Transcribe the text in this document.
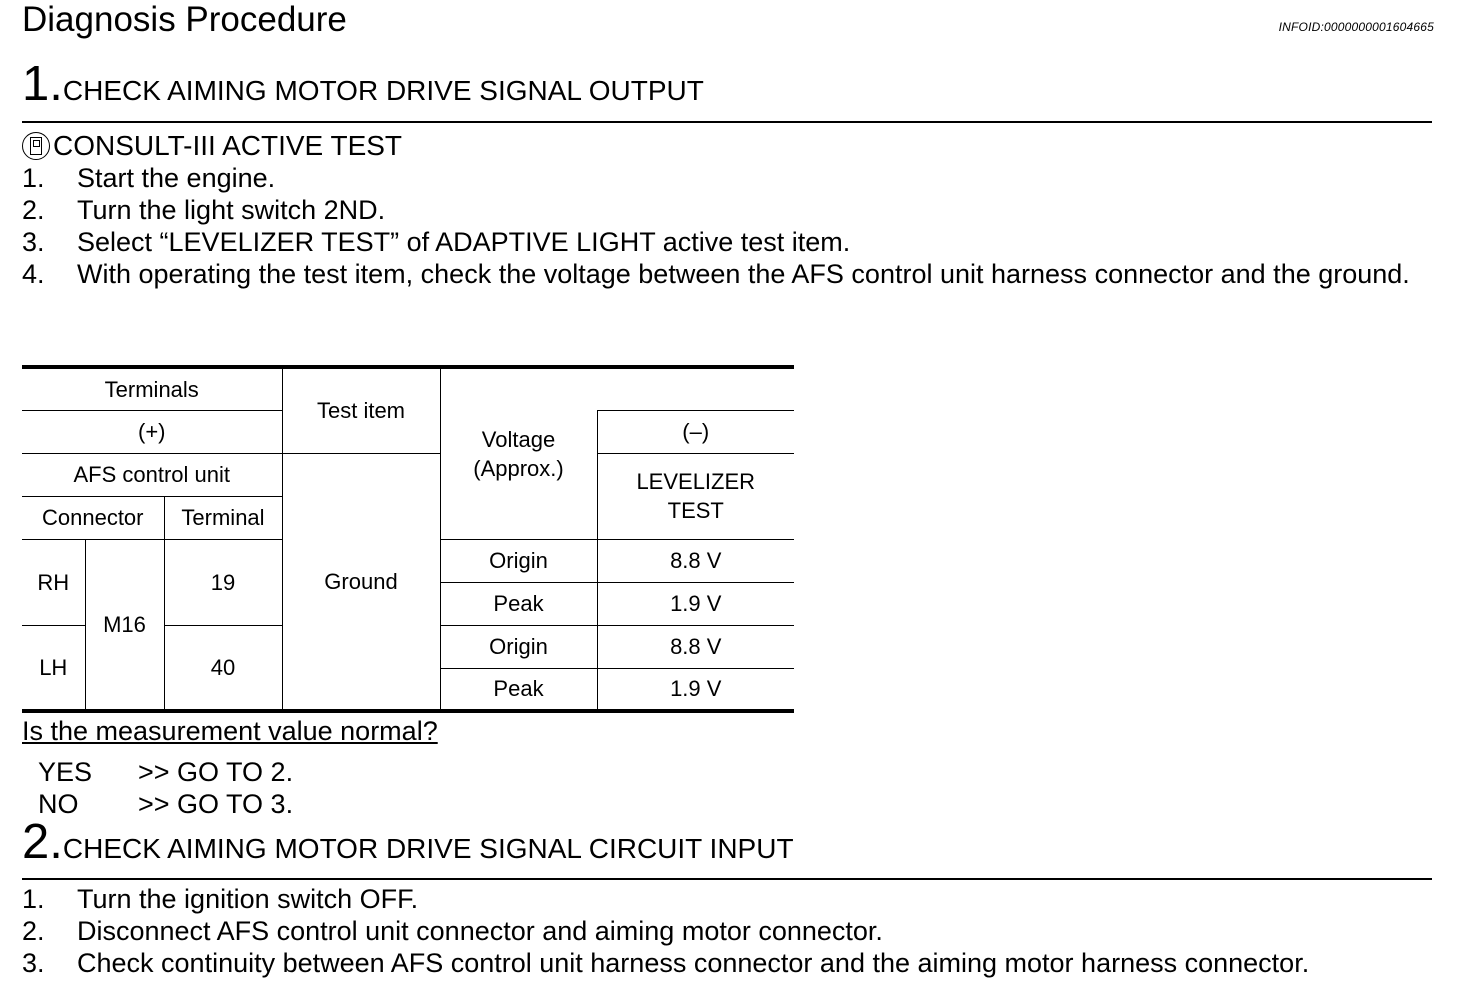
Diagnosis Procedure	INFOID:0000000001604665
1.CHECK AIMING MOTOR DRIVE SIGNAL OUTPUT
CONSULT-III ACTIVE TEST
1. Start the engine.
2. Turn the light switch 2ND.
3. Select “LEVELIZER TEST” of ADAPTIVE LIGHT active test item.
4. With operating the test item, check the voltage between the AFS control unit harness connector and the ground.
Terminals			Test item	Voltage (Approx.)	
(+)					(–)
AFS control unit			Ground		LEVELIZER TEST
Connector		Terminal			
RH	M16	19		Origin	8.8 V
				Peak	1.9 V
LH		40		Origin	8.8 V
				Peak	1.9 V
Is the measurement value normal?
YES >> GO TO 2.
NO >> GO TO 3.
2.CHECK AIMING MOTOR DRIVE SIGNAL CIRCUIT INPUT
1. Turn the ignition switch OFF.
2. Disconnect AFS control unit connector and aiming motor connector.
3. Check continuity between AFS control unit harness connector and the aiming motor harness connector.
